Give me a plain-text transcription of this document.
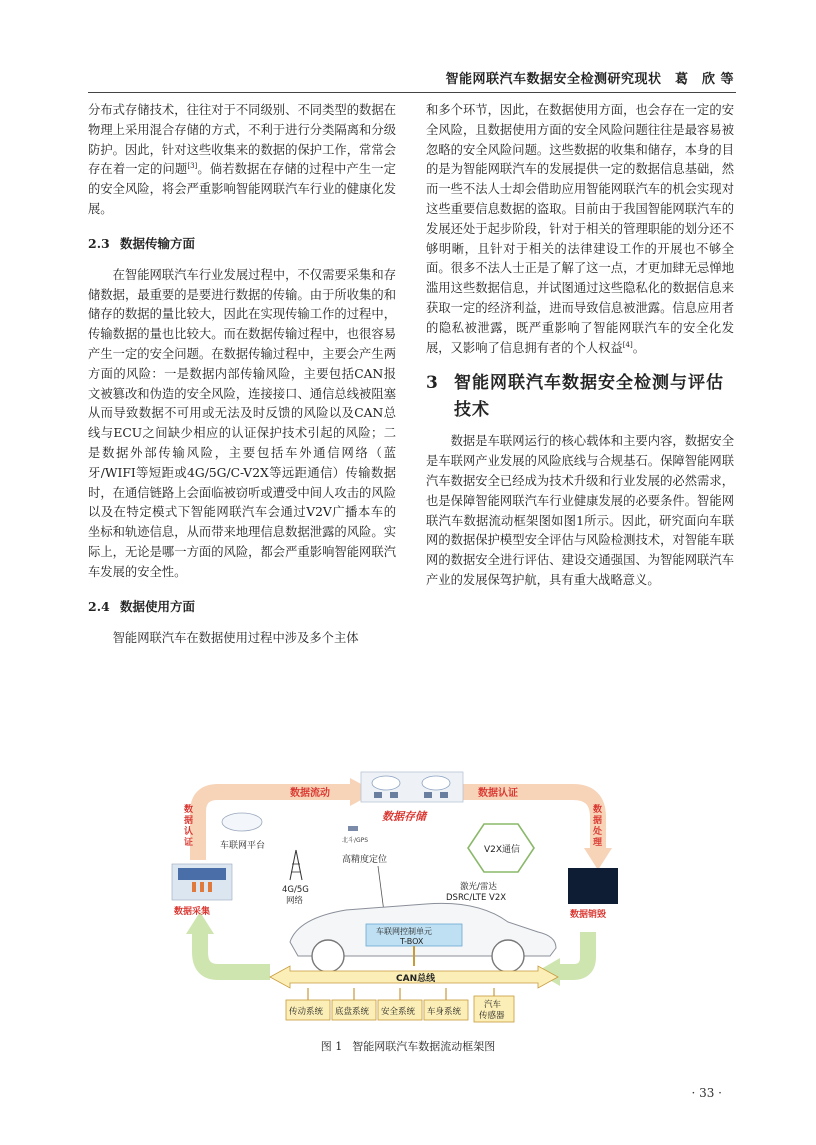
智能网联汽车数据安全检测研究现状　葛　欣 等

分布式存储技术，往往对于不同级别、不同类型的数据在物理上采用混合存储的方式，不利于进行分类隔离和分级防护。因此，针对这些收集来的数据的保护工作，常常会存在着一定的问题[3]。倘若数据在存储的过程中产生一定的安全风险，将会严重影响智能网联汽车行业的健康化发展。

2.3 数据传输方面

在智能网联汽车行业发展过程中，不仅需要采集和存储数据，最重要的是要进行数据的传输。由于所收集的和储存的数据的量比较大，因此在实现传输工作的过程中，传输数据的量也比较大。而在数据传输过程中，也很容易产生一定的安全问题。在数据传输过程中，主要会产生两方面的风险：一是数据内部传输风险，主要包括CAN报文被篡改和伪造的安全风险，连接接口、通信总线被阻塞从而导致数据不可用或无法及时反馈的风险以及CAN总线与ECU之间缺少相应的认证保护技术引起的风险；二是数据外部传输风险，主要包括车外通信网络（蓝牙/WIFI等短距或4G/5G/C-V2X等远距通信）传输数据时，在通信链路上会面临被窃听或遭受中间人攻击的风险以及在特定模式下智能网联汽车会通过V2V广播本车的坐标和轨迹信息，从而带来地理信息数据泄露的风险。实际上，无论是哪一方面的风险，都会严重影响智能网联汽车发展的安全性。

2.4 数据使用方面

智能网联汽车在数据使用过程中涉及多个主体

和多个环节，因此，在数据使用方面，也会存在一定的安全风险，且数据使用方面的安全风险问题往往是最容易被忽略的安全风险问题。这些数据的收集和储存，本身的目的是为智能网联汽车的发展提供一定的数据信息基础，然而一些不法人士却会借助应用智能网联汽车的机会实现对这些重要信息数据的盗取。目前由于我国智能网联汽车的发展还处于起步阶段，针对于相关的管理职能的划分还不够明晰，且针对于相关的法律建设工作的开展也不够全面。很多不法人士正是了解了这一点，才更加肆无忌惮地滥用这些数据信息，并试图通过这些隐私化的数据信息来获取一定的经济利益，进而导致信息被泄露。信息应用者的隐私被泄露，既严重影响了智能网联汽车的安全化发展，又影响了信息拥有者的个人权益[4]。

3 智能网联汽车数据安全检测与评估技术

数据是车联网运行的核心载体和主要内容，数据安全是车联网产业发展的风险底线与合规基石。保障智能网联汽车数据安全已经成为技术升级和行业发展的必然需求，也是保障智能网联汽车行业健康发展的必要条件。智能网联汽车数据流动框架图如图1所示。因此，研究面向车联网的数据保护模型安全评估与风险检测技术，对智能车联网的数据安全进行评估、建设交通强国、为智能网联汽车产业的发展保驾护航，具有重大战略意义。

数据流动	数据认证
数
据
认
证
数
据
处
理
数据存储
车联网平台
4G/5G
网络
北斗/GPS
高精度定位
V2X通信
激光/雷达
DSRC/LTE V2X
数据采集	数据销毁
车联网控制单元
T-BOX
CAN总线
传动系统 底盘系统 安全系统 车身系统
汽车
传感器
图 1 智能网联汽车数据流动框架图
· 33 ·
